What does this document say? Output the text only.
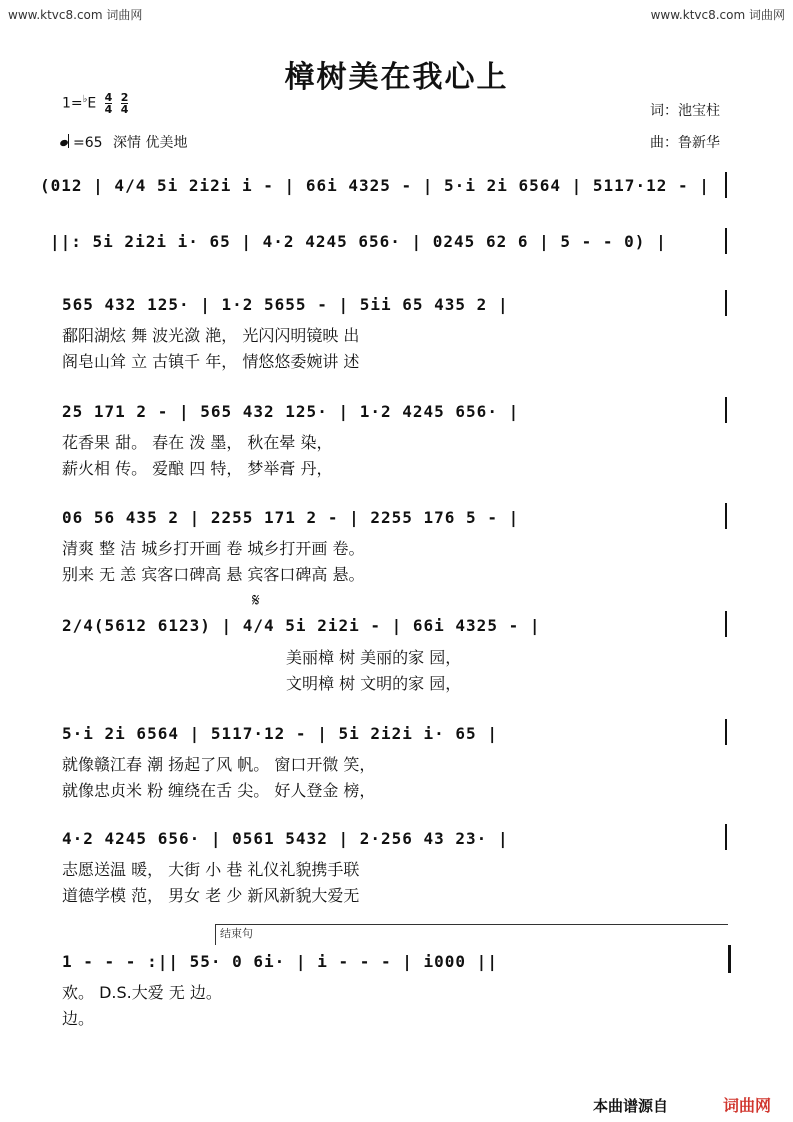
www.ktvc8.com 词曲网	www.ktvc8.com 词曲网
樟树美在我心上
$1=^♭E \frac{4}{4}$
$\frac{2}{4}$
=65 深情 优美地
词：池宝柱
曲：鲁新华
(012 | 4/4 5i 2i2i i - | 66i 4325 - | 5·i 2i 6564 | 5117·12 - |
||: 5i 2i2i i· 65 | 4·2 4245 656· | 0245 62 6 | 5 - - 0) |
565 432 125· | 1·2 5655 - | 5ii 65 435 2 |
鄱阳湖炫 舞 波光潋 滟， 光闪闪明镜映 出
阁皂山耸 立 古镇千 年， 情悠悠委婉讲 述
25 171 2 - | 565 432 125· | 1·2 4245 656· |
花香果 甜。 春在 泼 墨， 秋在晕 染，
薪火相 传。 爱酿 四 特， 梦举膏 丹，
06 56 435 2 | 2255 171 2 - | 2255 176 5 - |
清爽 整 洁 城乡打开画 卷 城乡打开画 卷。
别来 无 恙 宾客口碑高 悬 宾客口碑高 悬。
𝄋
2/4(5612 6123) | 4/4 5i 2i2i - | 66i 4325 - |
美丽樟 树 美丽的家 园，
文明樟 树 文明的家 园，
5·i 2i 6564 | 5117·12 - | 5i 2i2i i· 65 |
就像赣江春 潮 扬起了风 帆。 窗口开微 笑，
就像忠贞米 粉 缠绕在舌 尖。 好人登金 榜，
4·2 4245 656· | 0561 5432 | 2·256 43 23· |
志愿送温 暖， 大街 小 巷 礼仪礼貌携手联
道德学模 范， 男女 老 少 新风新貌大爱无
结束句
1 - - - :|| 55· 0 6i· | i - - - | i000 ||
欢。 D.S.大爱 无 边。
边。
本曲谱源自	词曲网
